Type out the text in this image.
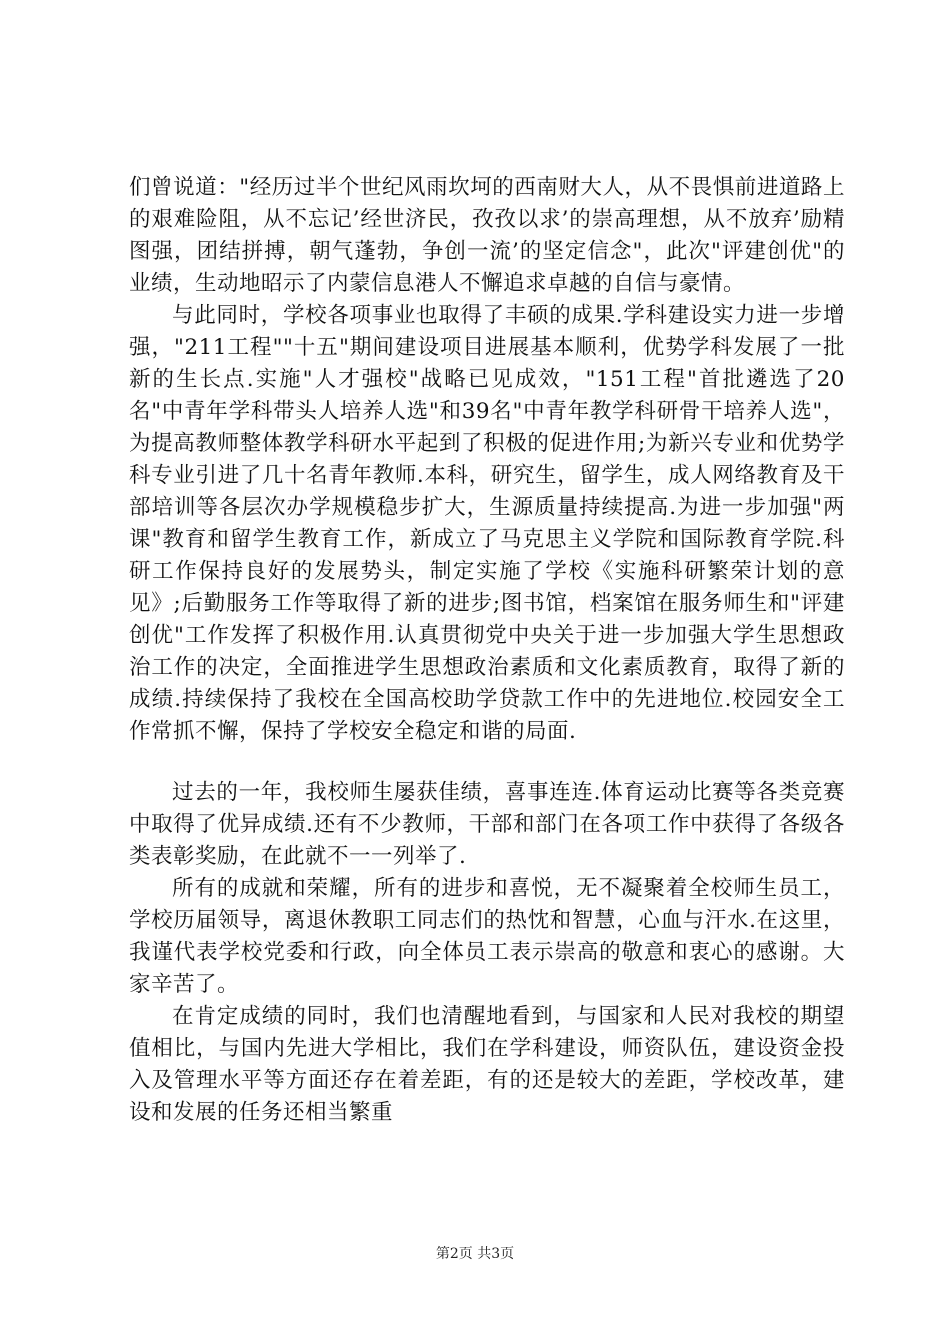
们曾说道："经历过半个世纪风雨坎坷的西南财大人，从不畏惧前进道路上的艰难险阻，从不忘记’经世济民，孜孜以求’的崇高理想，从不放弃’励精图强，团结拼搏，朝气蓬勃，争创一流’的坚定信念"，此次"评建创优"的业绩，生动地昭示了内蒙信息港人不懈追求卓越的自信与豪情。

与此同时，学校各项事业也取得了丰硕的成果.学科建设实力进一步增强，"211工程""十五"期间建设项目进展基本顺利，优势学科发展了一批新的生长点.实施"人才强校"战略已见成效，"151工程"首批遴选了20名"中青年学科带头人培养人选"和39名"中青年教学科研骨干培养人选"，为提高教师整体教学科研水平起到了积极的促进作用;为新兴专业和优势学科专业引进了几十名青年教师.本科，研究生，留学生，成人网络教育及干部培训等各层次办学规模稳步扩大，生源质量持续提高.为进一步加强"两课"教育和留学生教育工作，新成立了马克思主义学院和国际教育学院.科研工作保持良好的发展势头，制定实施了学校《实施科研繁荣计划的意见》;后勤服务工作等取得了新的进步;图书馆，档案馆在服务师生和"评建创优"工作发挥了积极作用.认真贯彻党中央关于进一步加强大学生思想政治工作的决定，全面推进学生思想政治素质和文化素质教育，取得了新的成绩.持续保持了我校在全国高校助学贷款工作中的先进地位.校园安全工作常抓不懈，保持了学校安全稳定和谐的局面.

过去的一年，我校师生屡获佳绩，喜事连连.体育运动比赛等各类竞赛中取得了优异成绩.还有不少教师，干部和部门在各项工作中获得了各级各类表彰奖励，在此就不一一列举了.

所有的成就和荣耀，所有的进步和喜悦，无不凝聚着全校师生员工，学校历届领导，离退休教职工同志们的热忱和智慧，心血与汗水.在这里，我谨代表学校党委和行政，向全体员工表示崇高的敬意和衷心的感谢。大家辛苦了。

在肯定成绩的同时，我们也清醒地看到，与国家和人民对我校的期望值相比，与国内先进大学相比，我们在学科建设，师资队伍，建设资金投入及管理水平等方面还存在着差距，有的还是较大的差距，学校改革，建设和发展的任务还相当繁重

第2页 共3页
